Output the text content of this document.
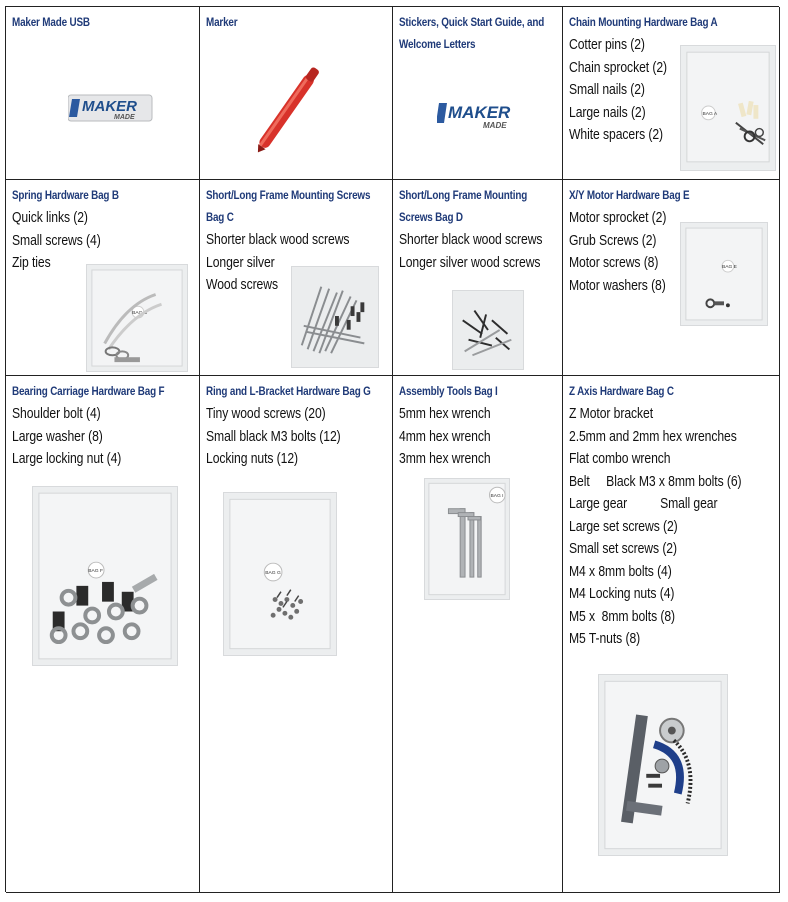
Maker Made USB
MAKER
MADE
Marker	Stickers, Quick Start Guide, and
Welcome Letters
MAKER
MADE
Chain Mounting Hardware Bag A
Cotter pins (2)
Chain sprocket (2)
Small nails (2)
Large nails (2)
White spacers (2)
BAG A
Spring Hardware Bag B
Quick links (2)
Small screws (4)
Zip ties
BAG B
Short/Long Frame Mounting Screws
Bag C
Shorter black wood screws
Longer silver
Wood screws
Short/Long Frame Mounting
Screws Bag D
Shorter black wood screws
Longer silver wood screws
X/Y Motor Hardware Bag E
Motor sprocket (2)
Grub Screws (2)
Motor screws (8)
Motor washers (8)
BAG E
Bearing Carriage Hardware Bag F
Shoulder bolt (4)
Large washer (8)
Large locking nut (4)
BAG F
Ring and L-Bracket Hardware Bag G
Tiny wood screws (20)
Small black M3 bolts (12)
Locking nuts (12)
BAG G
Assembly Tools Bag I
5mm hex wrench
4mm hex wrench
3mm hex wrench
BAG I
Z Axis Hardware Bag C
Z Motor bracket
2.5mm and 2mm hex wrenches
Flat combo wrench
Belt     Black M3 x 8mm bolts (6)
Large gear          Small gear
Large set screws (2)
Small set screws (2)
M4 x 8mm bolts (4)
M4 Locking nuts (4)
M5 x  8mm bolts (8)
M5 T-nuts (8)
